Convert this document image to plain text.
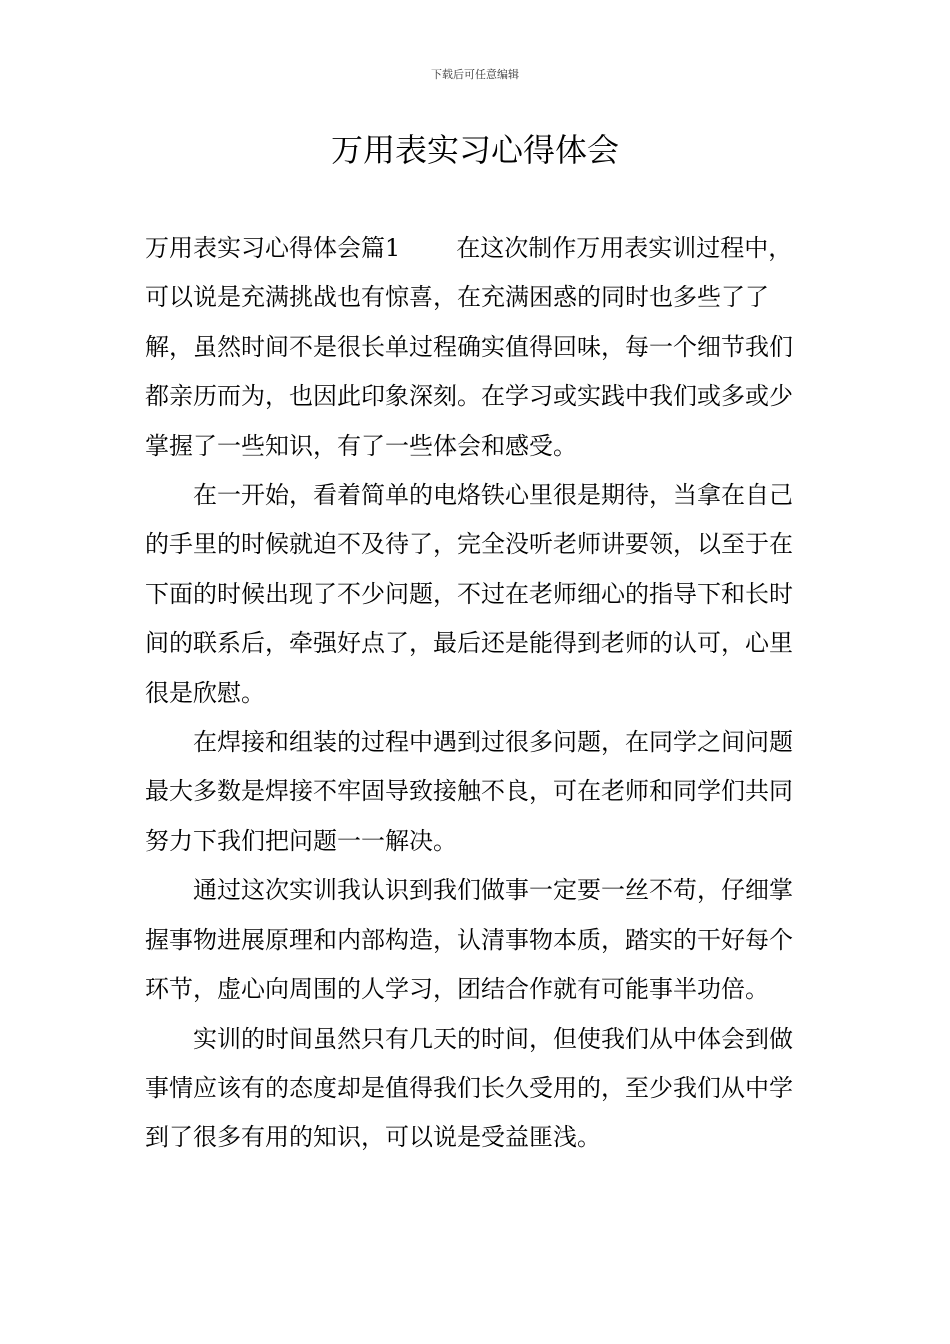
下载后可任意编辑
万用表实习心得体会

万用表实习心得体会篇1 在这次制作万用表实训过程中，可以说是充满挑战也有惊喜，在充满困惑的同时也多些了了解，虽然时间不是很长单过程确实值得回味，每一个细节我们都亲历而为，也因此印象深刻。在学习或实践中我们或多或少掌握了一些知识，有了一些体会和感受。

在一开始，看着简单的电烙铁心里很是期待，当拿在自己的手里的时候就迫不及待了，完全没听老师讲要领，以至于在下面的时候出现了不少问题，不过在老师细心的指导下和长时间的联系后，牵强好点了，最后还是能得到老师的认可，心里很是欣慰。

在焊接和组装的过程中遇到过很多问题，在同学之间问题最大多数是焊接不牢固导致接触不良，可在老师和同学们共同努力下我们把问题一一解决。

通过这次实训我认识到我们做事一定要一丝不苟，仔细掌握事物进展原理和内部构造，认清事物本质，踏实的干好每个环节，虚心向周围的人学习，团结合作就有可能事半功倍。

实训的时间虽然只有几天的时间，但使我们从中体会到做事情应该有的态度却是值得我们长久受用的，至少我们从中学到了很多有用的知识，可以说是受益匪浅。
